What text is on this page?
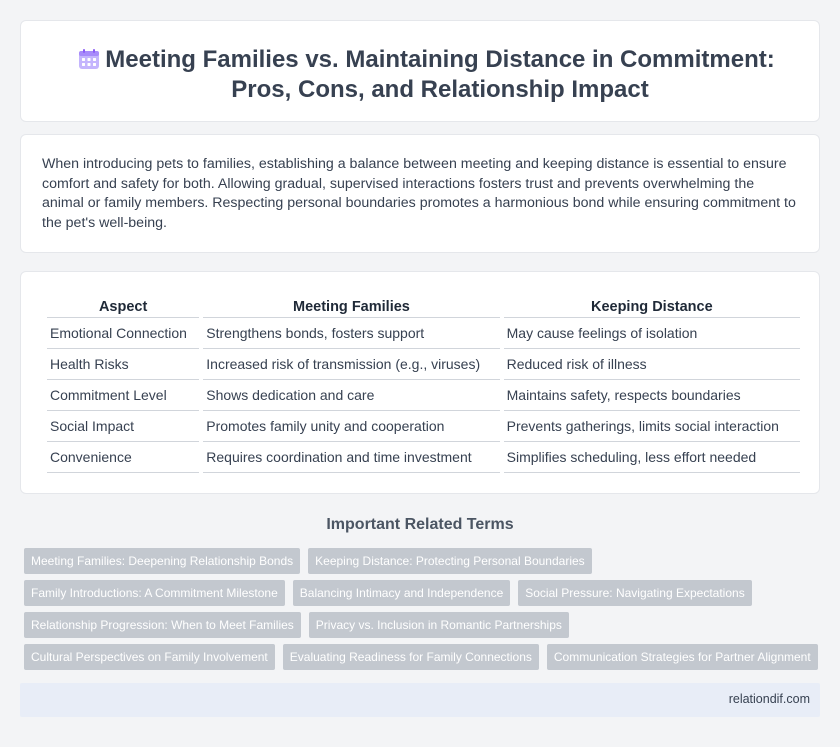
Meeting Families vs. Maintaining Distance in Commitment: Pros, Cons, and Relationship Impact

When introducing pets to families, establishing a balance between meeting and keeping distance is essential to ensure comfort and safety for both. Allowing gradual, supervised interactions fosters trust and prevents overwhelming the animal or family members. Respecting personal boundaries promotes a harmonious bond while ensuring commitment to the pet's well-being.

Aspect	Meeting Families	Keeping Distance
Emotional Connection	Strengthens bonds, fosters support	May cause feelings of isolation
Health Risks	Increased risk of transmission (e.g., viruses)	Reduced risk of illness
Commitment Level	Shows dedication and care	Maintains safety, respects boundaries
Social Impact	Promotes family unity and cooperation	Prevents gatherings, limits social interaction
Convenience	Requires coordination and time investment	Simplifies scheduling, less effort needed
Important Related Terms
Meeting Families: Deepening Relationship Bonds	Keeping Distance: Protecting Personal Boundaries
Family Introductions: A Commitment Milestone	Balancing Intimacy and Independence	Social Pressure: Navigating Expectations
Relationship Progression: When to Meet Families	Privacy vs. Inclusion in Romantic Partnerships
Cultural Perspectives on Family Involvement	Evaluating Readiness for Family Connections	Communication Strategies for Partner Alignment
relationdif.com
